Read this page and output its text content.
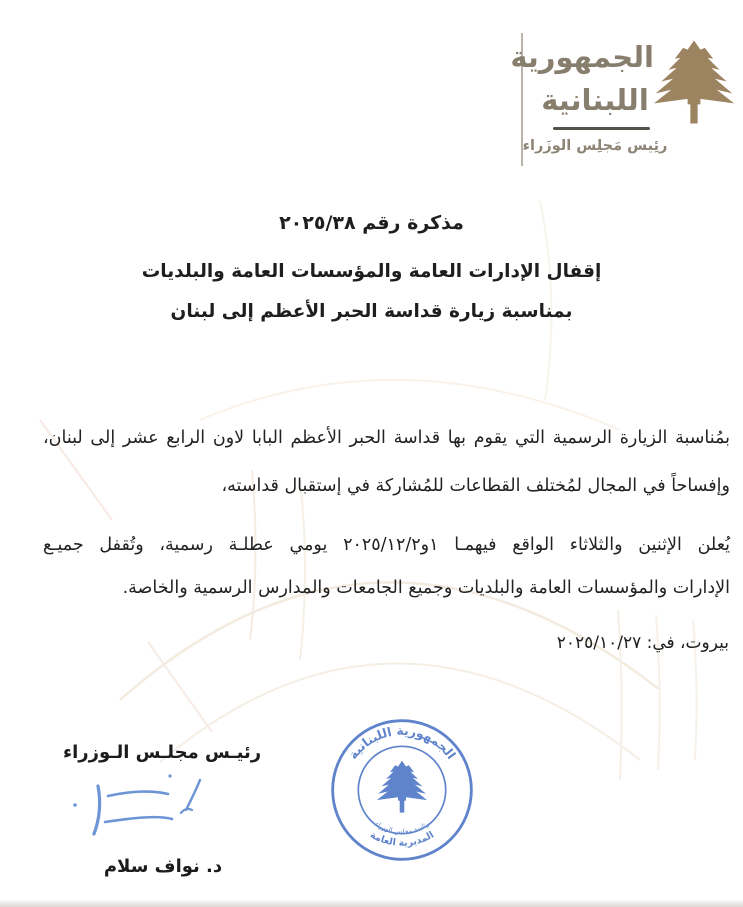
الجمهورية
اللبنانية
رئِيس مَجلِس الوزَراء
مذكرة رقم ٢٠٢٥/٣٨
إقفال الإدارات العامة والمؤسسات العامة والبلديات
بمناسبة زيارة قداسة الحبر الأعظم إلى لبنان
بمُناسبة الزيارة الرسمية التي يقوم بها قداسة الحبر الأعظم البابا لاون الرابع عشر إلى لبنان،
وإفساحاً في المجال لمُختلف القطاعات للمُشاركة في إستقبال قداسته،
يُعلن الإثنين والثلاثاء الواقع فيهمـا ١و٢٠٢٥/١٢/٢ يومي عطلـة رسمية، وتُقفل جميـع
الإدارات والمؤسسات العامة والبلديات وجميع الجامعات والمدارس الرسمية والخاصة.
بيروت، في: ٢٠٢٥/١٠/٢٧
رئيـس مجلـس الـوزراء
د. نواف سلام
الجمهورية اللبنانية
رئاسة مجلس الوزراء
المديرية العامة
